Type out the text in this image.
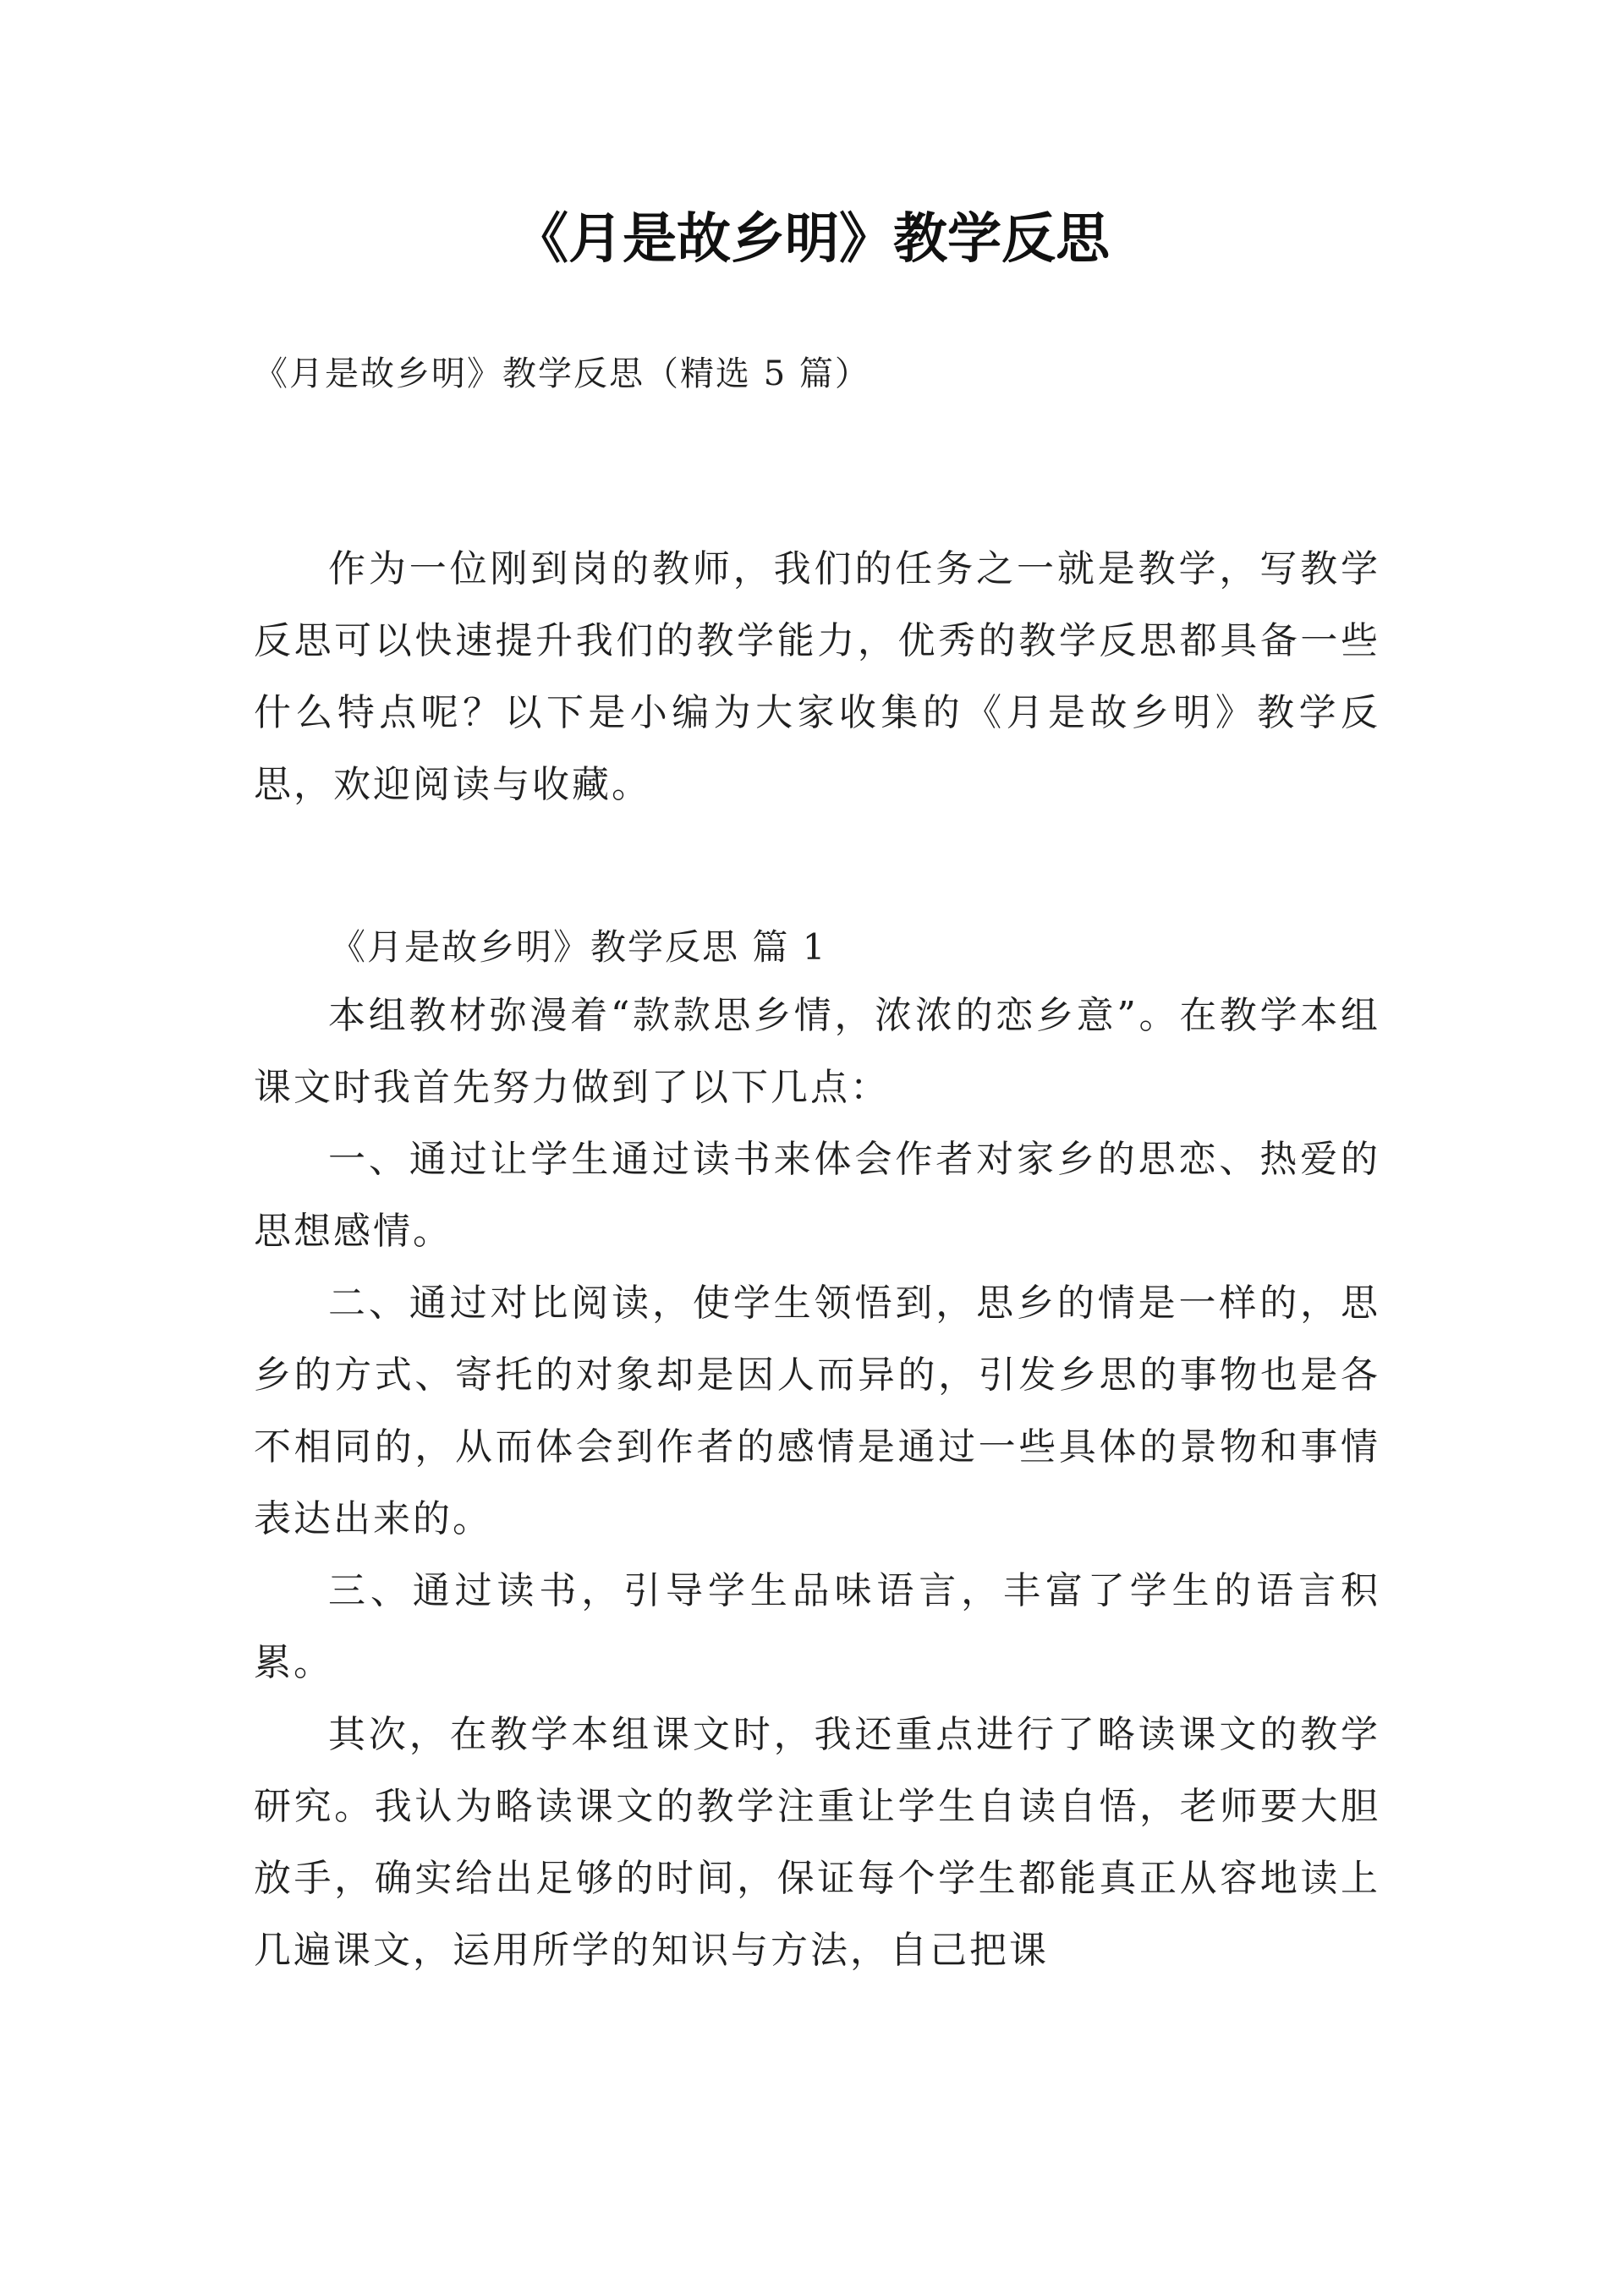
《月是故乡明》教学反思

《月是故乡明》教学反思（精选 5 篇）

作为一位刚到岗的教师，我们的任务之一就是教学，写教学反思可以快速提升我们的教学能力，优秀的教学反思都具备一些什么特点呢？以下是小编为大家收集的《月是故乡明》教学反思，欢迎阅读与收藏。

《月是故乡明》教学反思 篇 1

本组教材弥漫着“款款思乡情，浓浓的恋乡意”。在教学本组课文时我首先努力做到了以下几点：

一、通过让学生通过读书来体会作者对家乡的思恋、热爱的思想感情。

二、通过对比阅读，使学生领悟到，思乡的情是一样的，思乡的方式、寄托的对象却是因人而异的，引发乡思的事物也是各不相同的，从而体会到作者的感情是通过一些具体的景物和事情表达出来的。

三、通过读书，引导学生品味语言，丰富了学生的语言积累。

其次，在教学本组课文时，我还重点进行了略读课文的教学研究。我认为略读课文的教学注重让学生自读自悟，老师要大胆放手，确实给出足够的时间，保证每个学生都能真正从容地读上几遍课文，运用所学的知识与方法，自己把课
